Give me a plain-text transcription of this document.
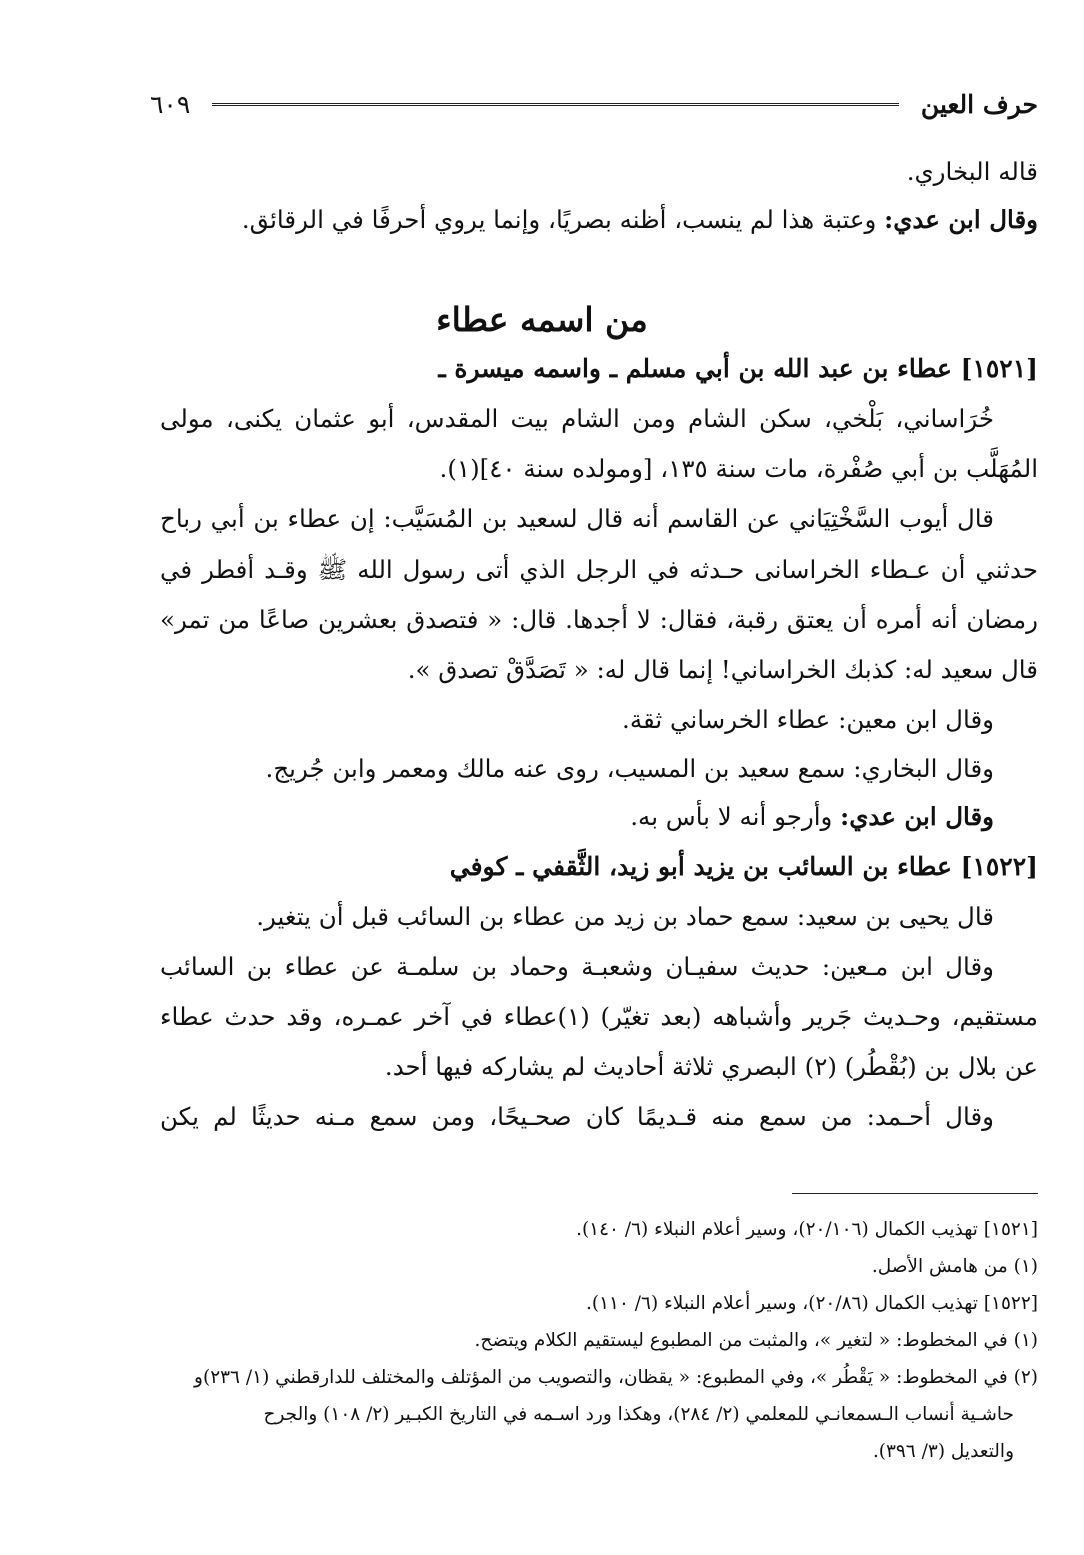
حرف العين
٦٠٩
قاله البخاري.
وقال ابن عدي: وعتبة هذا لم ينسب، أظنه بصريًا، وإنما يروي أحرفًا في الرقائق.
من اسمه عطاء
[١٥٢١] عطاء بن عبد الله بن أبي مسلم ـ واسمه ميسرة ـ
خُرَاساني، بَلْخي، سكن الشام ومن الشام بيت المقدس، أبو عثمان يكنى، مولى
المُهَلَّب بن أبي صُفْرة، مات سنة ١٣٥، [ومولده سنة ٤٠](١).
قال أيوب السَّخْتِيَاني عن القاسم أنه قال لسعيد بن المُسَيَّب: إن عطاء بن أبي رباح
حدثني أن عـطاء الخراسانى حـدثه في الرجل الذي أتى رسول الله ﷺ وقـد أفطر في
رمضان أنه أمره أن يعتق رقبة، فقال: لا أجدها. قال: « فتصدق بعشرين صاعًا من تمر»
قال سعيد له: كذبك الخراساني! إنما قال له: « تَصَدَّقْ تصدق ».
وقال ابن معين: عطاء الخرساني ثقة.
وقال البخاري: سمع سعيد بن المسيب، روى عنه مالك ومعمر وابن جُريج.
وقال ابن عدي: وأرجو أنه لا بأس به.
[١٥٢٢] عطاء بن السائب بن يزيد أبو زيد، الثَّقفي ـ كوفي
قال يحيى بن سعيد: سمع حماد بن زيد من عطاء بن السائب قبل أن يتغير.
وقال ابن مـعين: حديث سفيـان وشعبـة وحماد بن سلمـة عن عطاء بن السائب
مستقيم، وحـديث جَرير وأشباهه (بعد تغيّر) (١)عطاء في آخر عمـره، وقد حدث عطاء
عن بلال بن (بُقْطُر) (٢) البصري ثلاثة أحاديث لم يشاركه فيها أحد.
وقال أحـمد: من سمع منه قـديمًا كان صحـيحًا، ومن سمع مـنه حديثًا لم يكن
[١٥٢١] تهذيب الكمال (٢٠/١٠٦)، وسير أعلام النبلاء (٦/ ١٤٠).
(١) من هامش الأصل.
[١٥٢٢] تهذيب الكمال (٢٠/٨٦)، وسير أعلام النبلاء (٦/ ١١٠).
(١) في المخطوط: « لتغير »، والمثبت من المطبوع ليستقيم الكلام ويتضح.
(٢) في المخطوط: « يَقْطُر »، وفي المطبوع: « يقظان، والتصويب من المؤتلف والمختلف للدارقطني (١/ ٢٣٦)و
حاشـية أنساب الـسمعانـي للمعلمي (٢/ ٢٨٤)، وهكذا ورد اسـمه في التاريخ الكبـير (٢/ ١٠٨) والجرح
والتعديل (٣/ ٣٩٦).
